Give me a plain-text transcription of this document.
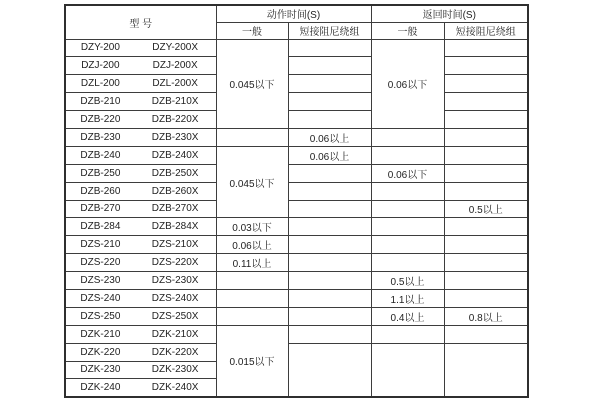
型 号	动作时间(S)		返回时间(S)	
	一般	短接阻尼绕组	一般	短接阻尼绕组

DZY-200 DZY-200X	0.045以下		0.06以下	

DZJ-200 DZJ-200X				

DZL-200 DZL-200X				

DZB-210 DZB-210X				

DZB-220 DZB-220X				

DZB-230 DZB-230X		0.06以上		

DZB-240 DZB-240X	0.045以下	0.06以上		

DZB-250 DZB-250X			0.06以下	

DZB-260 DZB-260X				

DZB-270 DZB-270X				0.5以上

DZB-284 DZB-284X	0.03以下			

DZS-210 DZS-210X	0.06以上			

DZS-220 DZS-220X	0.11以上			

DZS-230 DZS-230X			0.5以上	

DZS-240 DZS-240X			1.1以上	

DZS-250 DZS-250X			0.4以上	0.8以上

DZK-210 DZK-210X	0.015以下			

DZK-220 DZK-220X				

DZK-230 DZK-230X				

DZK-240 DZK-240X				
